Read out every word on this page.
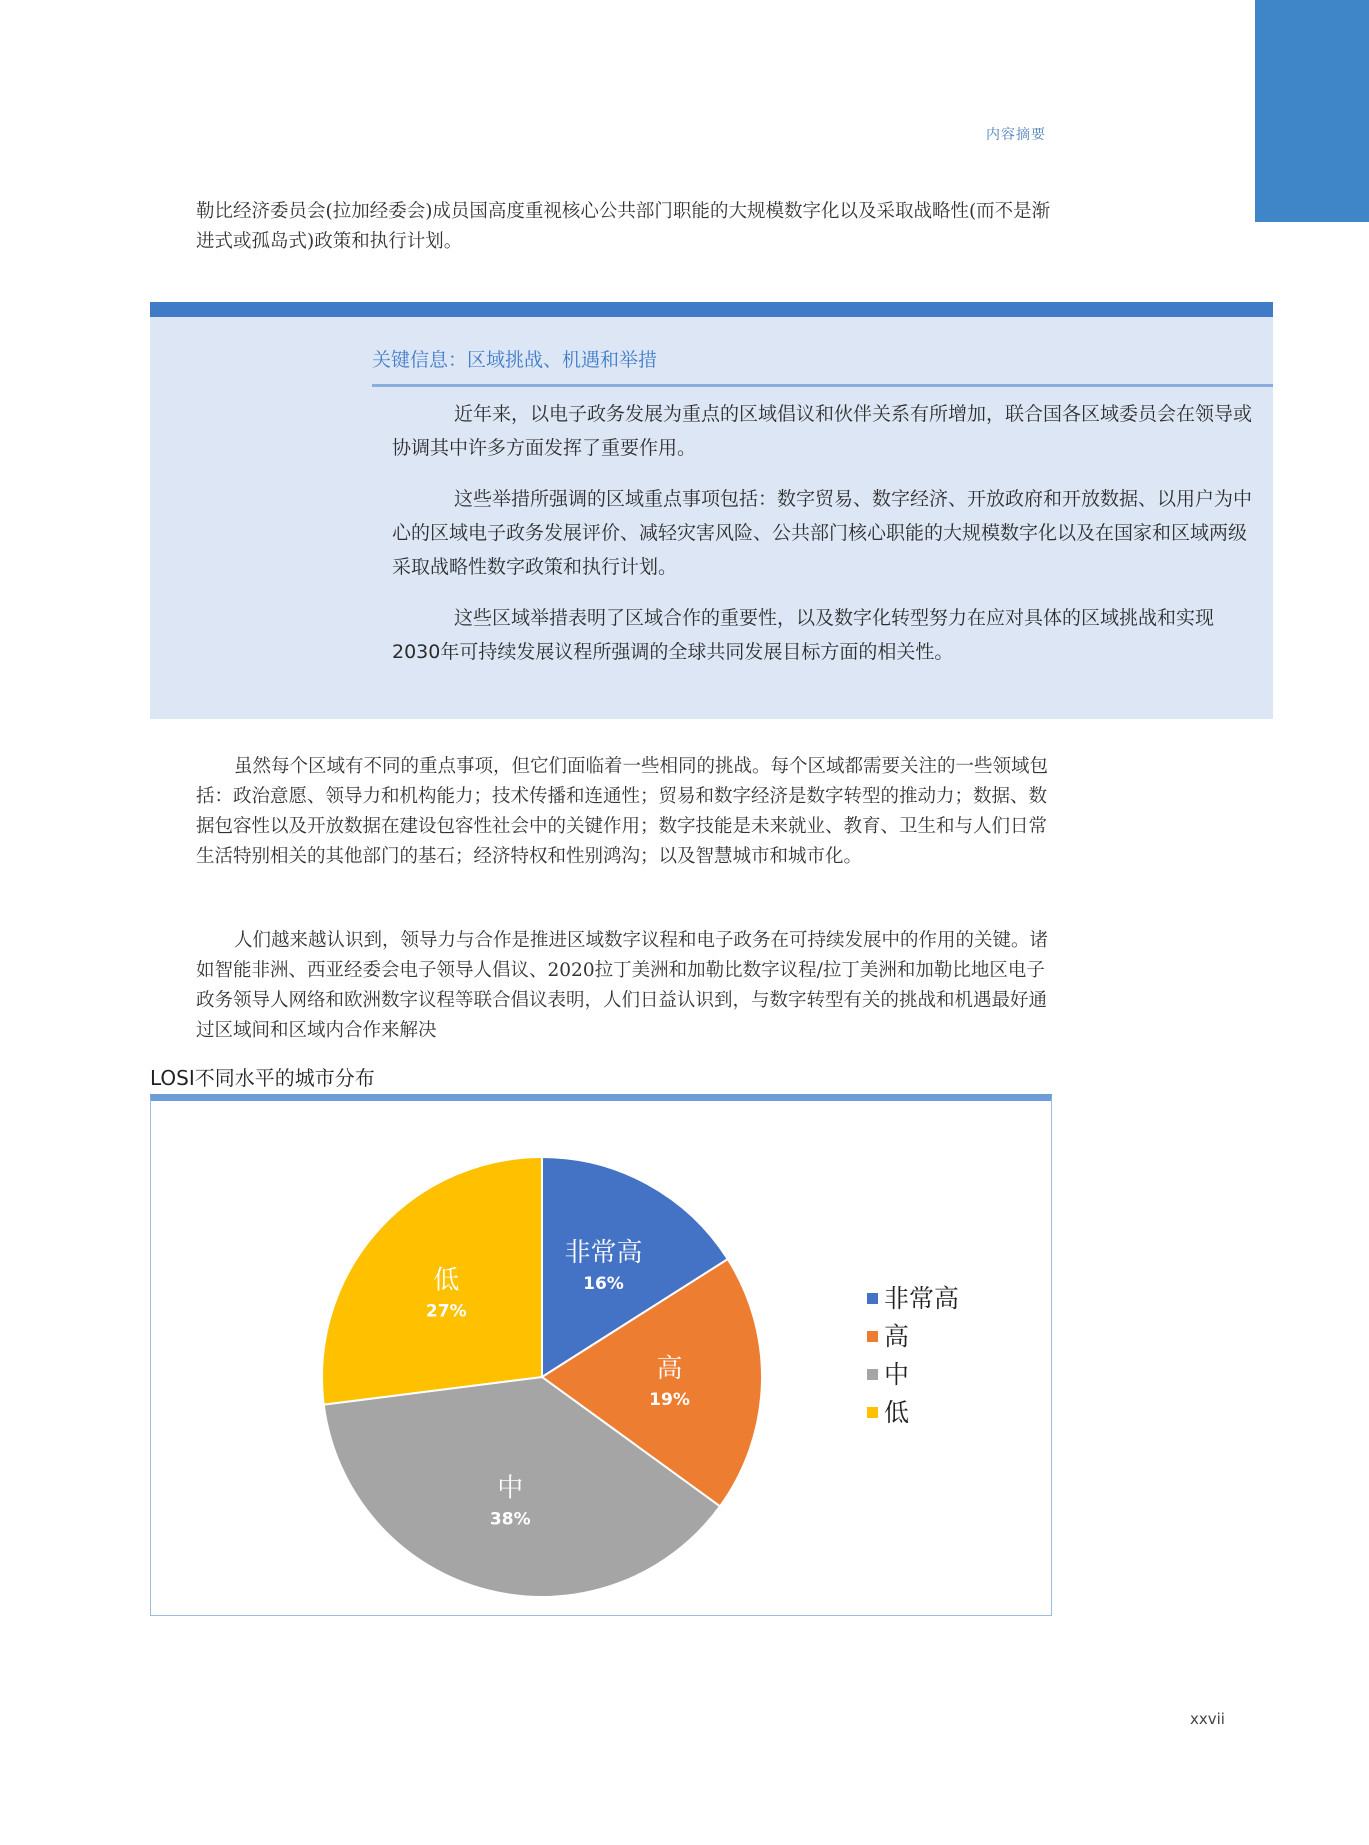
内容摘要
勒比经济委员会(拉加经委会)成员国高度重视核心公共部门职能的大规模数字化以及采取战略性(而不是渐进式或孤岛式)政策和执行计划。
关键信息：区域挑战、机遇和举措

近年来，以电子政务发展为重点的区域倡议和伙伴关系有所增加，联合国各区域委员会在领导或协调其中许多方面发挥了重要作用。

这些举措所强调的区域重点事项包括：数字贸易、数字经济、开放政府和开放数据、以用户为中心的区域电子政务发展评价、减轻灾害风险、公共部门核心职能的大规模数字化以及在国家和区域两级采取战略性数字政策和执行计划。

这些区域举措表明了区域合作的重要性，以及数字化转型努力在应对具体的区域挑战和实现2030年可持续发展议程所强调的全球共同发展目标方面的相关性。

虽然每个区域有不同的重点事项，但它们面临着一些相同的挑战。每个区域都需要关注的一些领域包括：政治意愿、领导力和机构能力；技术传播和连通性；贸易和数字经济是数字转型的推动力；数据、数据包容性以及开放数据在建设包容性社会中的关键作用；数字技能是未来就业、教育、卫生和与人们日常生活特别相关的其他部门的基石；经济特权和性别鸿沟；以及智慧城市和城市化。

人们越来越认识到，领导力与合作是推进区域数字议程和电子政务在可持续发展中的作用的关键。诸如智能非洲、西亚经委会电子领导人倡议、2020拉丁美洲和加勒比数字议程/拉丁美洲和加勒比地区电子政务领导人网络和欧洲数字议程等联合倡议表明，人们日益认识到，与数字转型有关的挑战和机遇最好通过区域间和区域内合作来解决

LOSI不同水平的城市分布
非常高
16%
高
19%
中
38%
低
27%	非常高
高
中
低
xxvii
